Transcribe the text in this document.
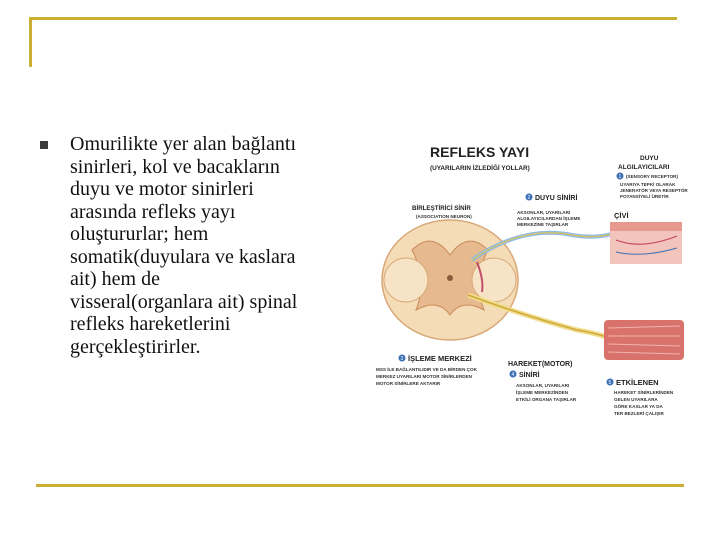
Omurilikte yer alan bağlantı
sinirleri, kol ve bacakların
duyu ve motor sinirleri
arasında refleks yayı
oluştururlar; hem
somatik(duyulara ve kaslara
ait) hem de
visseral(organlara ait) spinal
refleks hareketlerini
gerçekleştirirler.
REFLEKS YAYI
(UYARILARIN İZLEDİĞİ YOLLAR)
DUYU
ALGILAYICILARI
1 (SENSORY RECEPTOR)
UYARIYA TEPKİ OLARAK
JENERATÖR VEYA RESEPTÖR
POTANSİYELİ ÜRETİR
ÇİVİ
2 DUYU SİNİRİ
AKSONLAR, UYARILARI
ALGILAYICILARDAN İŞLEME
MERKEZİNE TAŞIRLAR
BİRLEŞTİRİCİ SİNİR
(ASSOCIATION NEURON)
3 İŞLEME MERKEZİ
MSS İLE BAĞLANTILIDIR VE DA BİRDEN ÇOK
MERKEZ UYARILARI MOTOR SİNİRLERDEN
MOTOR SİNİRLERE AKTARIR
HAREKET(MOTOR)
4 SİNİRİ
AKSONLAR, UYARILARI
İŞLEME MERKEZİNDEN
ETKİLİ ORGANA TAŞIRLAR
5 ETKİLENEN
HAREKET SİNİRLERİNDEN
GELEN UYARILARA
GÖRE KASLAR YA DA
TER BEZLERİ ÇALIŞIR
